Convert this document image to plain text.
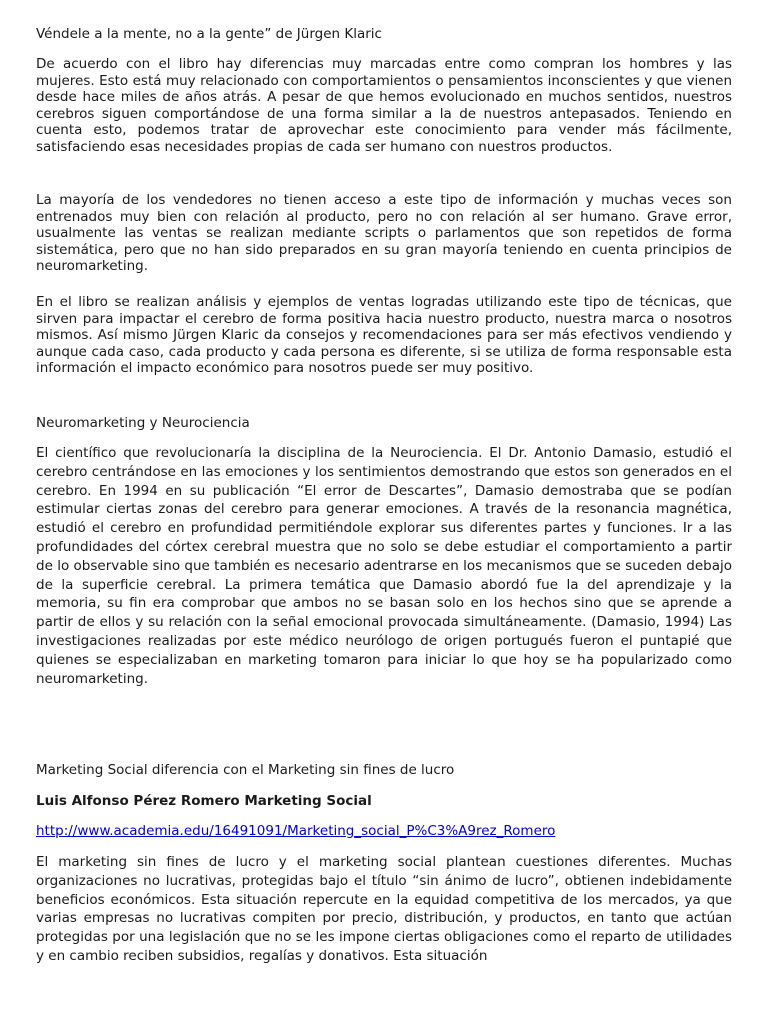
Véndele a la mente, no a la gente” de Jürgen Klaric

De acuerdo con el libro hay diferencias muy marcadas entre como compran los hombres y las mujeres. Esto está muy relacionado con comportamientos o pensamientos inconscientes y que vienen desde hace miles de años atrás. A pesar de que hemos evolucionado en muchos sentidos, nuestros cerebros siguen comportándose de una forma similar a la de nuestros antepasados. Teniendo en cuenta esto, podemos tratar de aprovechar este conocimiento para vender más fácilmente, satisfaciendo esas necesidades propias de cada ser humano con nuestros productos.

La mayoría de los vendedores no tienen acceso a este tipo de información y muchas veces son entrenados muy bien con relación al producto, pero no con relación al ser humano. Grave error, usualmente las ventas se realizan mediante scripts o parlamentos que son repetidos de forma sistemática, pero que no han sido preparados en su gran mayoría teniendo en cuenta principios de neuromarketing.

En el libro se realizan análisis y ejemplos de ventas logradas utilizando este tipo de técnicas, que sirven para impactar el cerebro de forma positiva hacia nuestro producto, nuestra marca o nosotros mismos. Así mismo Jürgen Klaric da consejos y recomendaciones para ser más efectivos vendiendo y aunque cada caso, cada producto y cada persona es diferente, si se utiliza de forma responsable esta información el impacto económico para nosotros puede ser muy positivo.

Neuromarketing y Neurociencia

El científico que revolucionaría la disciplina de la Neurociencia. El Dr. Antonio Damasio, estudió el cerebro centrándose en las emociones y los sentimientos demostrando que estos son generados en el cerebro. En 1994 en su publicación “El error de Descartes”, Damasio demostraba que se podían estimular ciertas zonas del cerebro para generar emociones. A través de la resonancia magnética, estudió el cerebro en profundidad permitiéndole explorar sus diferentes partes y funciones. Ir a las profundidades del córtex cerebral muestra que no solo se debe estudiar el comportamiento a partir de lo observable sino que también es necesario adentrarse en los mecanismos que se suceden debajo de la superficie cerebral. La primera temática que Damasio abordó fue la del aprendizaje y la memoria, su fin era comprobar que ambos no se basan solo en los hechos sino que se aprende a partir de ellos y su relación con la señal emocional provocada simultáneamente. (Damasio, 1994) Las investigaciones realizadas por este médico neurólogo de origen portugués fueron el puntapié que quienes se especializaban en marketing tomaron para iniciar lo que hoy se ha popularizado como neuromarketing.

Marketing Social diferencia con el Marketing sin fines de lucro

Luis Alfonso Pérez Romero Marketing Social

http://www.academia.edu/16491091/Marketing_social_P%C3%A9rez_Romero

El marketing sin fines de lucro y el marketing social plantean cuestiones diferentes. Muchas organizaciones no lucrativas, protegidas bajo el título “sin ánimo de lucro”, obtienen indebidamente beneficios económicos. Esta situación repercute en la equidad competitiva de los mercados, ya que varias empresas no lucrativas compiten por precio, distribución, y productos, en tanto que actúan protegidas por una legislación que no se les impone ciertas obligaciones como el reparto de utilidades y en cambio reciben subsidios, regalías y donativos. Esta situación
